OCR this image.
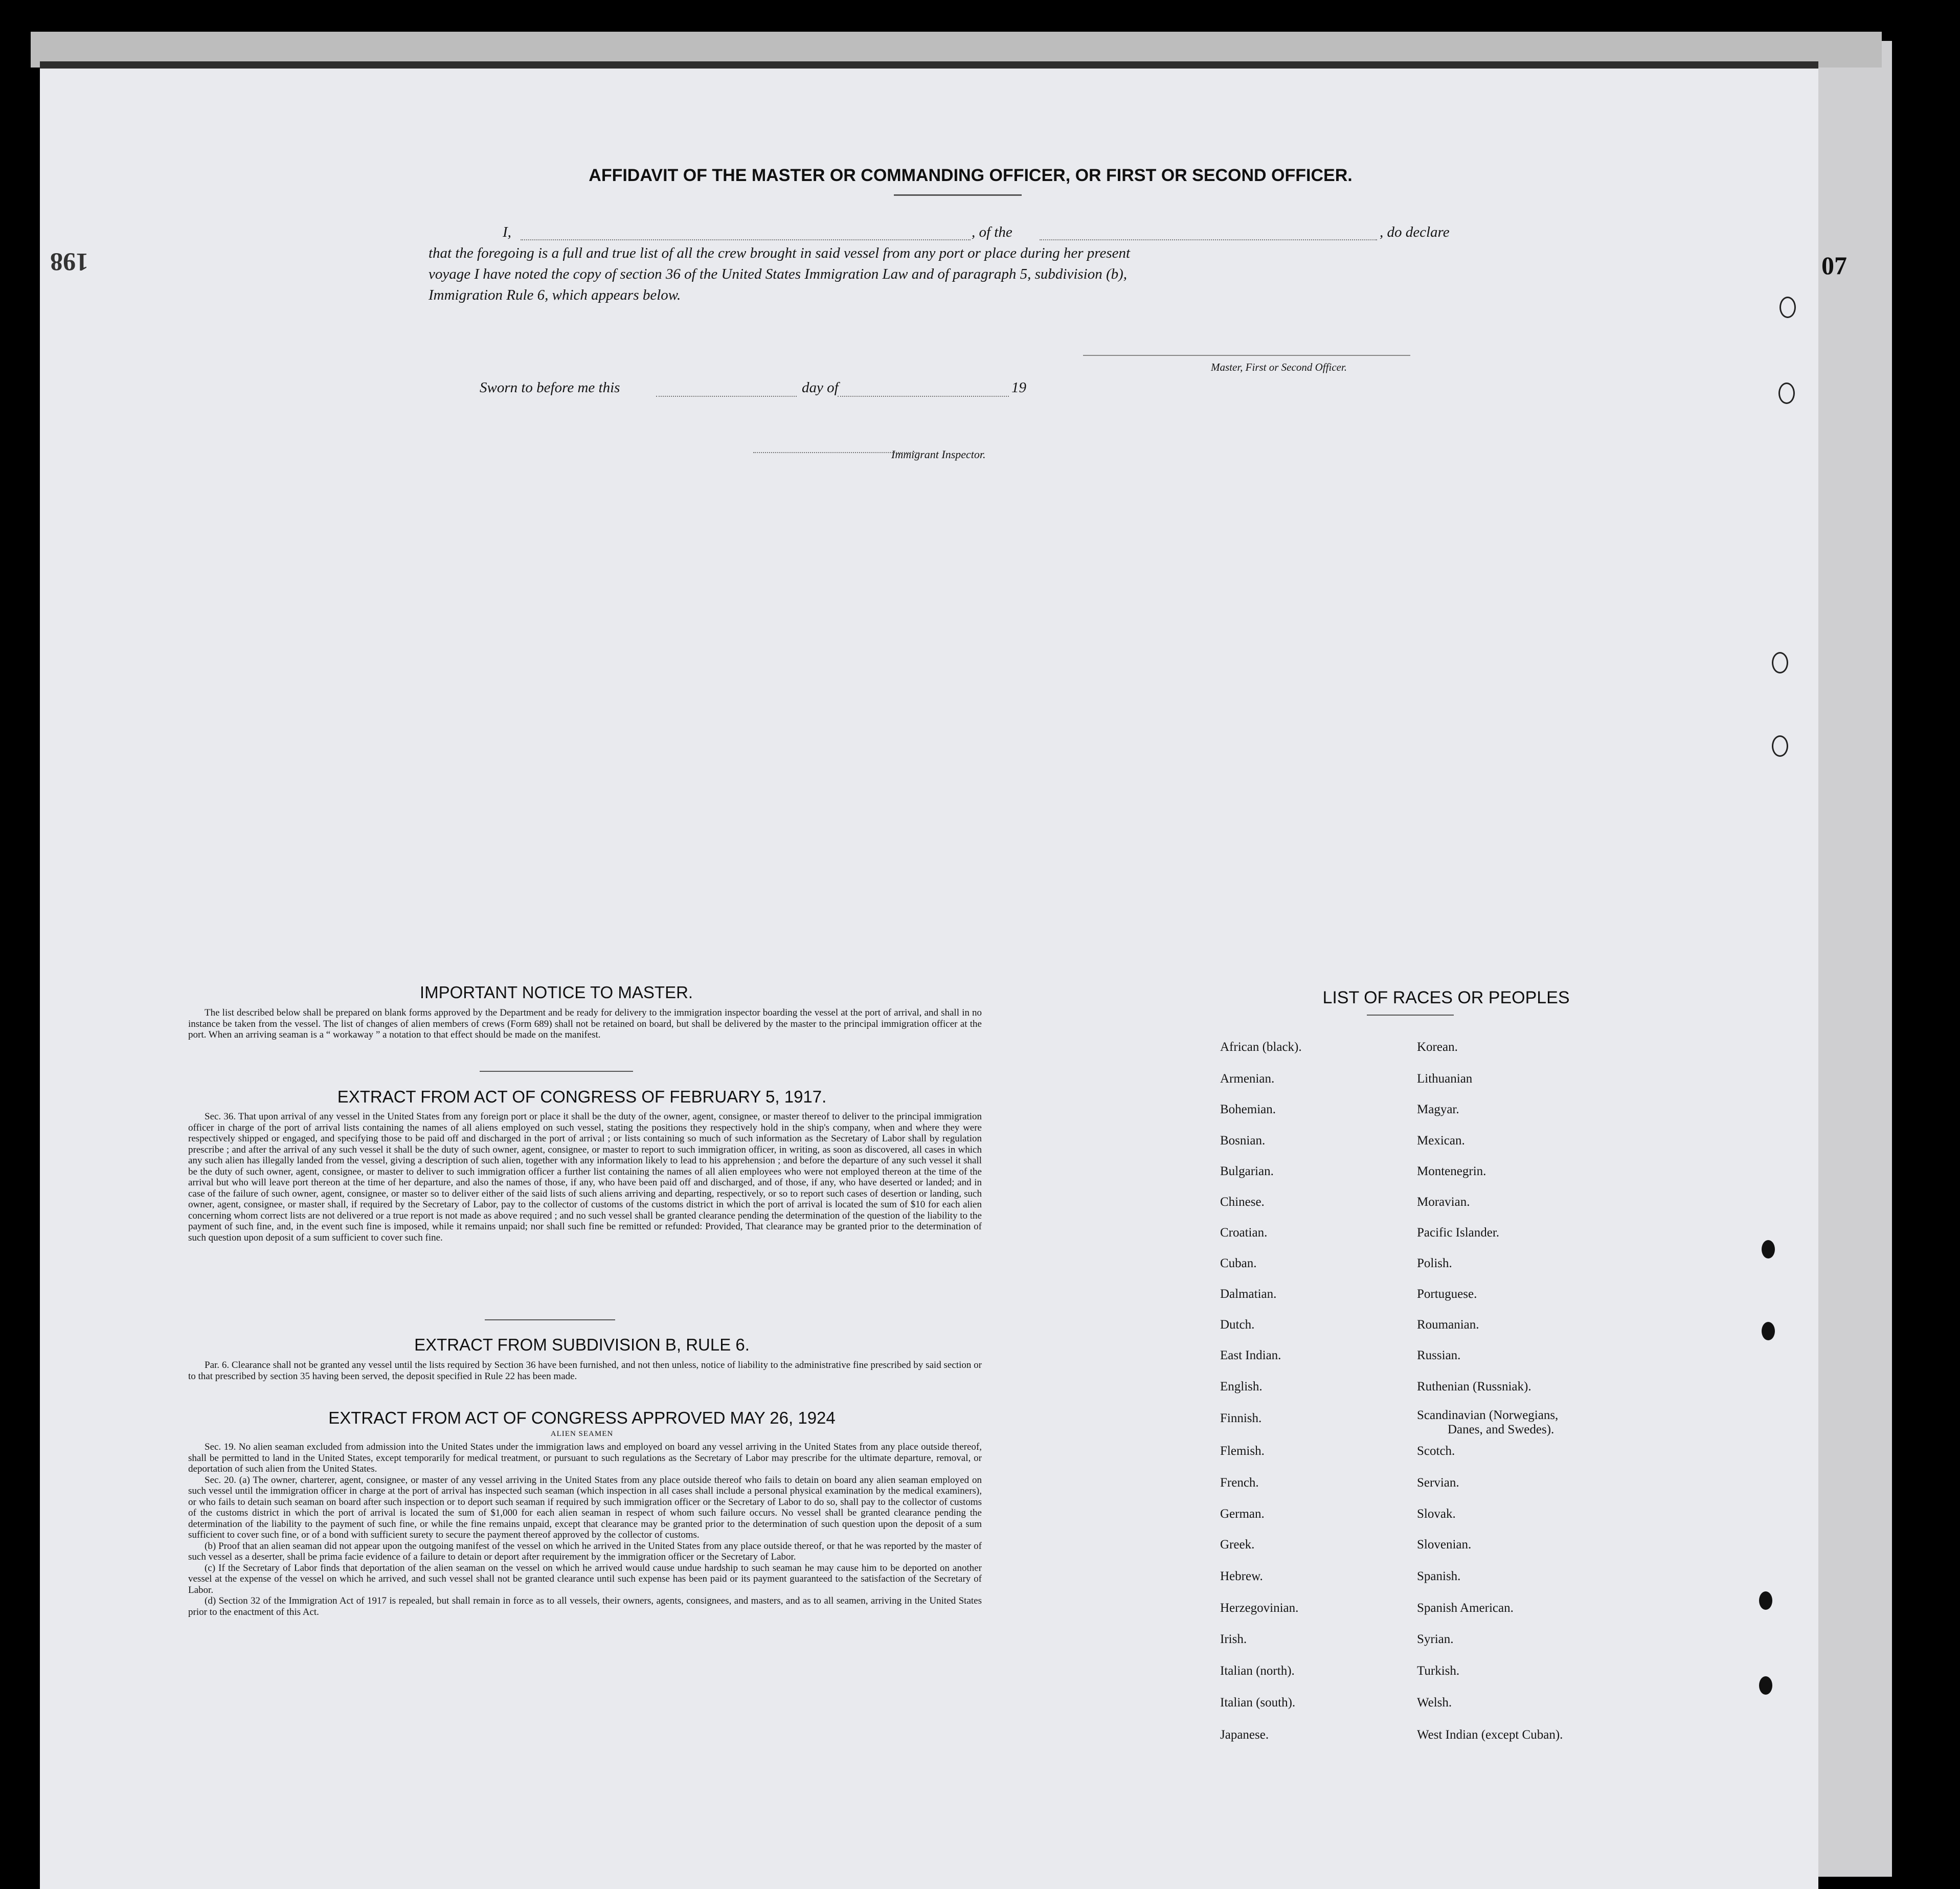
AFFIDAVIT OF THE MASTER OR COMMANDING OFFICER, OR FIRST OR SECOND OFFICER.
I,	, of the	, do declare
that the foregoing is a full and true list of all the crew brought in said vessel from any port or place during her present
voyage I have noted the copy of section 36 of the United States Immigration Law and of paragraph 5, subdivision (b),
Immigration Rule 6, which appears below.
Master, First or Second Officer.
Sworn to before me this	day of	19
Immigrant Inspector.
IMPORTANT NOTICE TO MASTER.

The list described below shall be prepared on blank forms approved by the Department and be ready for delivery to the immigration inspector boarding the vessel at the port of arrival, and shall in no instance be taken from the vessel. The list of changes of alien members of crews (Form 689) shall not be retained on board, but shall be delivered by the master to the principal immigration officer at the port. When an arriving seaman is a “ workaway ” a notation to that effect should be made on the manifest.

EXTRACT FROM ACT OF CONGRESS OF FEBRUARY 5, 1917.

Sec. 36. That upon arrival of any vessel in the United States from any foreign port or place it shall be the duty of the owner, agent, consignee, or master thereof to deliver to the principal immigration officer in charge of the port of arrival lists containing the names of all aliens employed on such vessel, stating the positions they respectively hold in the ship's company, when and where they were respectively shipped or engaged, and specifying those to be paid off and discharged in the port of arrival ; or lists containing so much of such information as the Secretary of Labor shall by regulation prescribe ; and after the arrival of any such vessel it shall be the duty of such owner, agent, consignee, or master to report to such immigration officer, in writing, as soon as discovered, all cases in which any such alien has illegally landed from the vessel, giving a description of such alien, together with any information likely to lead to his apprehension ; and before the departure of any such vessel it shall be the duty of such owner, agent, consignee, or master to deliver to such immigration officer a further list containing the names of all alien employees who were not employed thereon at the time of the arrival but who will leave port thereon at the time of her departure, and also the names of those, if any, who have been paid off and discharged, and of those, if any, who have deserted or landed; and in case of the failure of such owner, agent, consignee, or master so to deliver either of the said lists of such aliens arriving and departing, respectively, or so to report such cases of desertion or landing, such owner, agent, consignee, or master shall, if required by the Secretary of Labor, pay to the collector of customs of the customs district in which the port of arrival is located the sum of $10 for each alien concerning whom correct lists are not delivered or a true report is not made as above required ; and no such vessel shall be granted clearance pending the determination of the question of the liability to the payment of such fine, and, in the event such fine is imposed, while it remains unpaid; nor shall such fine be remitted or refunded: Provided, That clearance may be granted prior to the determination of such question upon deposit of a sum sufficient to cover such fine.

EXTRACT FROM SUBDIVISION B, RULE 6.

Par. 6. Clearance shall not be granted any vessel until the lists required by Section 36 have been furnished, and not then unless, notice of liability to the administrative fine prescribed by said section or to that prescribed by section 35 having been served, the deposit specified in Rule 22 has been made.

EXTRACT FROM ACT OF CONGRESS APPROVED MAY 26, 1924
ALIEN SEAMEN

Sec. 19. No alien seaman excluded from admission into the United States under the immigration laws and employed on board any vessel arriving in the United States from any place outside thereof, shall be permitted to land in the United States, except temporarily for medical treatment, or pursuant to such regulations as the Secretary of Labor may prescribe for the ultimate departure, removal, or deportation of such alien from the United States.

Sec. 20. (a) The owner, charterer, agent, consignee, or master of any vessel arriving in the United States from any place outside thereof who fails to detain on board any alien seaman employed on such vessel until the immigration officer in charge at the port of arrival has inspected such seaman (which inspection in all cases shall include a personal physical examination by the medical examiners), or who fails to detain such seaman on board after such inspection or to deport such seaman if required by such immigration officer or the Secretary of Labor to do so, shall pay to the collector of customs of the customs district in which the port of arrival is located the sum of $1,000 for each alien seaman in respect of whom such failure occurs. No vessel shall be granted clearance pending the determination of the liability to the payment of such fine, or while the fine remains unpaid, except that clearance may be granted prior to the determination of such question upon the deposit of a sum sufficient to cover such fine, or of a bond with sufficient surety to secure the payment thereof approved by the collector of customs.

(b) Proof that an alien seaman did not appear upon the outgoing manifest of the vessel on which he arrived in the United States from any place outside thereof, or that he was reported by the master of such vessel as a deserter, shall be prima facie evidence of a failure to detain or deport after requirement by the immigration officer or the Secretary of Labor.

(c) If the Secretary of Labor finds that deportation of the alien seaman on the vessel on which he arrived would cause undue hardship to such seaman he may cause him to be deported on another vessel at the expense of the vessel on which he arrived, and such vessel shall not be granted clearance until such expense has been paid or its payment guaranteed to the satisfaction of the Secretary of Labor.

(d) Section 32 of the Immigration Act of 1917 is repealed, but shall remain in force as to all vessels, their owners, agents, consignees, and masters, and as to all seamen, arriving in the United States prior to the enactment of this Act.

LIST OF RACES OR PEOPLES
African (black).
Armenian.
Bohemian.
Bosnian.
Bulgarian.
Chinese.
Croatian.
Cuban.
Dalmatian.
Dutch.
East Indian.
English.
Finnish.
Flemish.
French.
German.
Greek.
Hebrew.
Herzegovinian.
Irish.
Italian (north).
Italian (south).
Japanese.
Korean.
Lithuanian
Magyar.
Mexican.
Montenegrin.
Moravian.
Pacific Islander.
Polish.
Portuguese.
Roumanian.
Russian.
Ruthenian (Russniak).
Scandinavian (Norwegians,
Danes, and Swedes).
Scotch.
Servian.
Slovak.
Slovenian.
Spanish.
Spanish American.
Syrian.
Turkish.
Welsh.
West Indian (except Cuban).
198	07
